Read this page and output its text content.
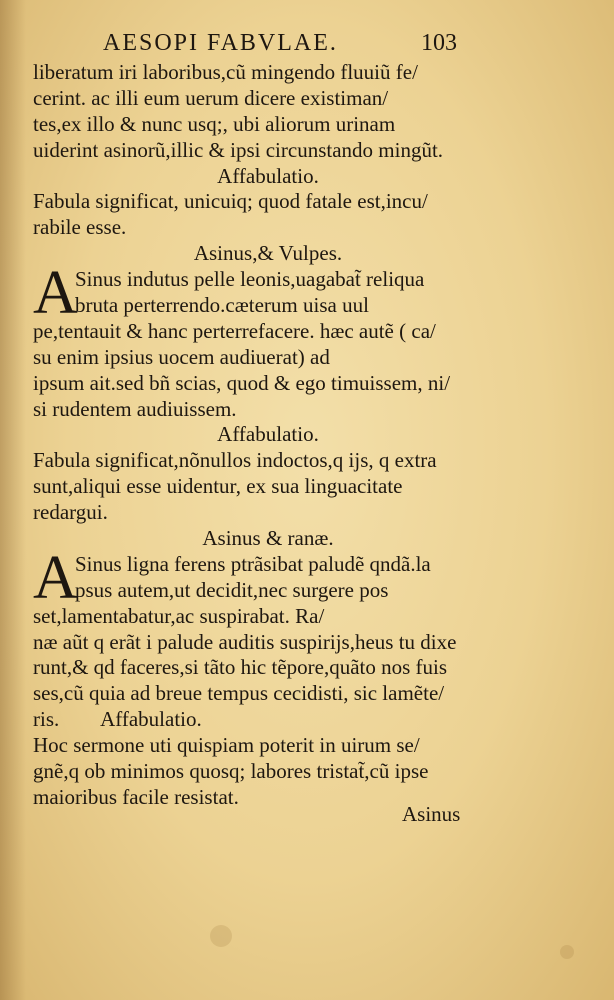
AESOPI FABVLAE.	103
liberatum iri laboribus,cũ mingendo fluuiũ fe/
cerint. ac illi eum uerum dicere existiman/
tes,ex illo & nunc usq;, ubi aliorum urinam
uiderint asinorũ,illic & ipsi circunstando mingũt.
Affabulatio.
Fabula significat, unicuiq; quod fatale est,incu/
rabile esse.
Asinus,& Vulpes.
A
Sinus indutus pelle leonis,uagabat̃ reliqua
bruta perterrendo.cæterum uisa uul
pe,tentauit & hanc perterrefacere. hæc autẽ ( ca/
su enim ipsius uocem audiuerat) ad
ipsum ait.sed bñ scias, quod & ego timuissem, ni/
si rudentem audiuissem.
Affabulatio.
Fabula significat,nõnullos indoctos,q ijs, q extra
sunt,aliqui esse uidentur, ex sua linguacitate
redargui.
Asinus & ranæ.
A
Sinus ligna ferens ptrãsibat paludẽ qndã.la
psus autem,ut decidit,nec surgere pos
set,lamentabatur,ac suspirabat. Ra/
næ aũt q erãt i palude auditis suspirijs,heus tu dixe
runt,& qd faceres,si tãto hic tẽpore,quãto nos fuis
ses,cũ quia ad breue tempus cecidisti, sic lamẽte/
ris.        Affabulatio.
Hoc sermone uti quispiam poterit in uirum se/
gnẽ,q ob minimos quosq; labores tristat̃,cũ ipse
maioribus facile resistat.
Asinus
